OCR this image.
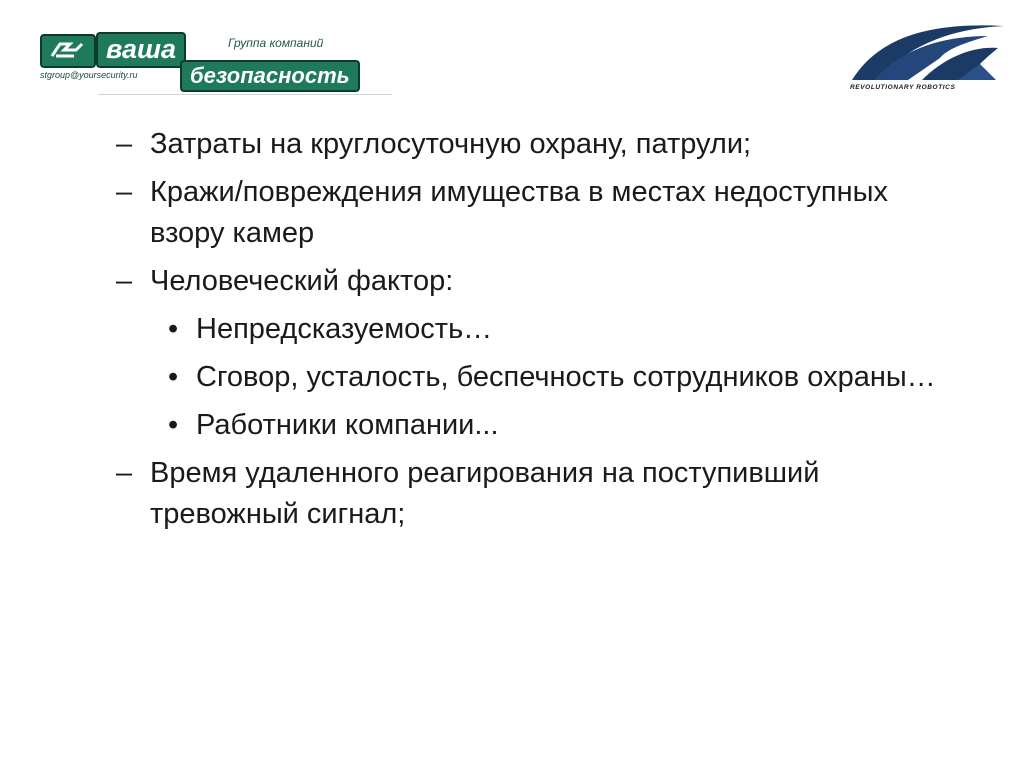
ваша	Группа компаний
безопасность
stgroup@yoursecurity.ru
REVOLUTIONARY ROBOTICS
– Затраты на круглосуточную охрану, патрули;
– Кражи/повреждения имущества в местах недоступных взору камер
– Человеческий фактор:
• Непредсказуемость…
• Сговор, усталость, беспечность сотрудников охраны…
• Работники компании...
– Время удаленного реагирования на поступивший тревожный сигнал;
